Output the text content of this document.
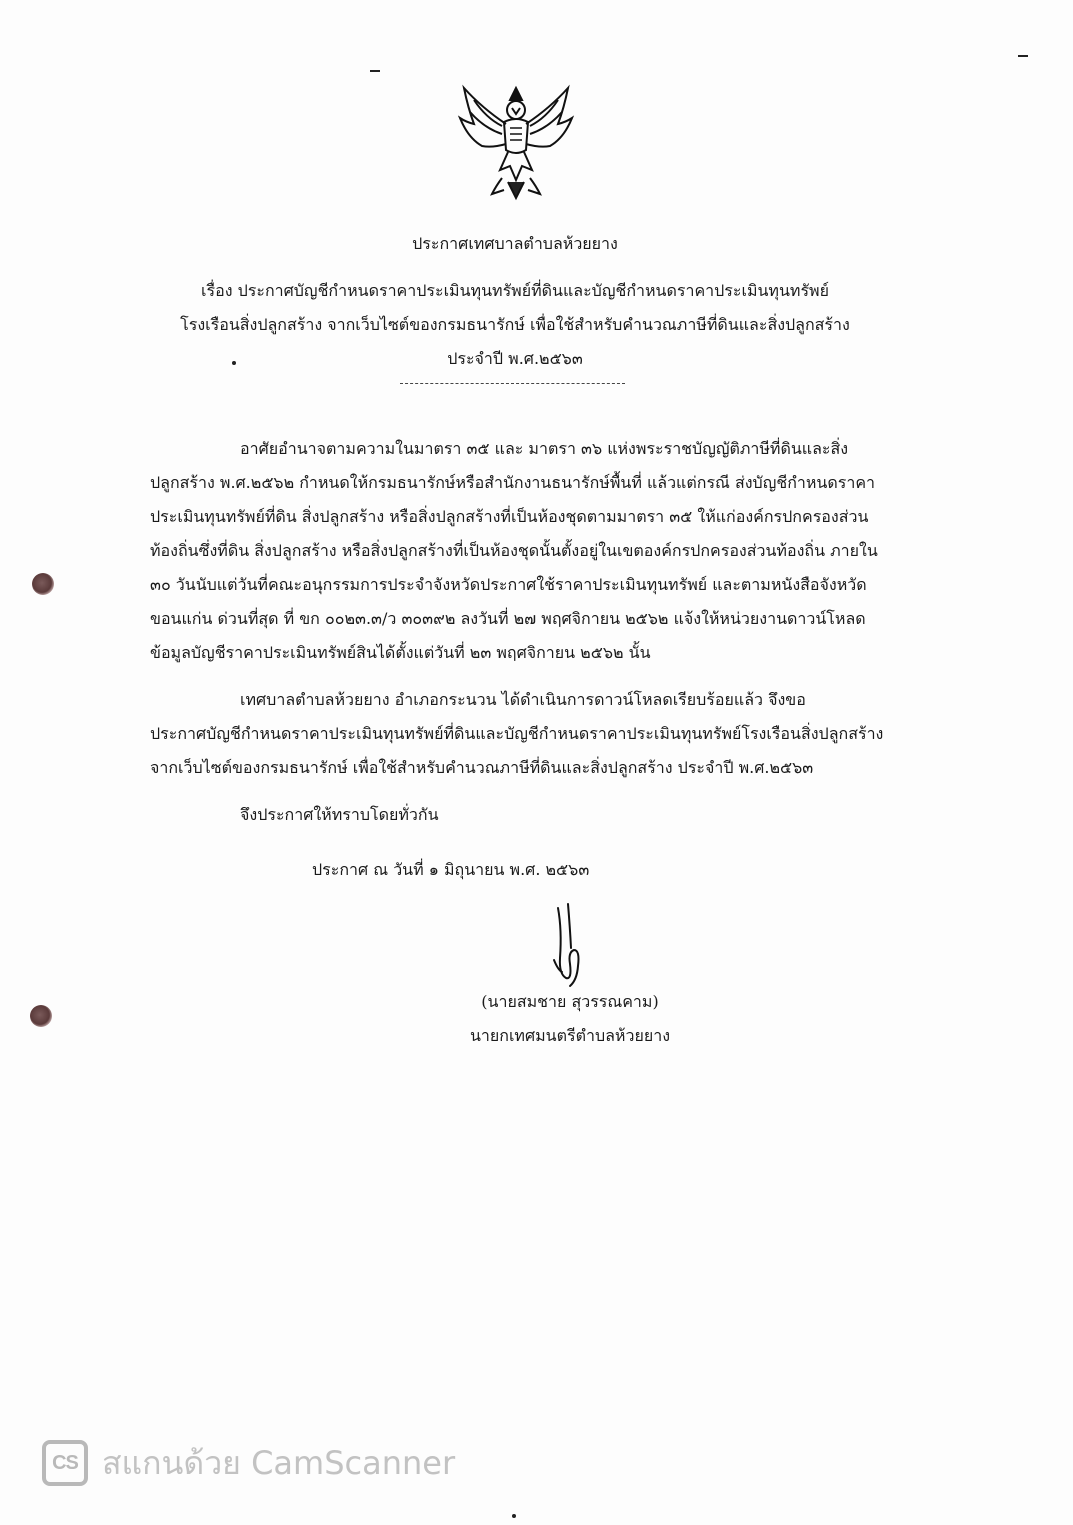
ประกาศเทศบาลตำบลห้วยยาง
เรื่อง ประกาศบัญชีกำหนดราคาประเมินทุนทรัพย์ที่ดินและบัญชีกำหนดราคาประเมินทุนทรัพย์
โรงเรือนสิ่งปลูกสร้าง จากเว็บไซต์ของกรมธนารักษ์ เพื่อใช้สำหรับคำนวณภาษีที่ดินและสิ่งปลูกสร้าง
ประจำปี พ.ศ.๒๕๖๓
อาศัยอำนาจตามความในมาตรา ๓๕ และ มาตรา ๓๖ แห่งพระราชบัญญัติภาษีที่ดินและสิ่ง
ปลูกสร้าง พ.ศ.๒๕๖๒ กำหนดให้กรมธนารักษ์หรือสำนักงานธนารักษ์พื้นที่ แล้วแต่กรณี ส่งบัญชีกำหนดราคา
ประเมินทุนทรัพย์ที่ดิน สิ่งปลูกสร้าง หรือสิ่งปลูกสร้างที่เป็นห้องชุดตามมาตรา ๓๕ ให้แก่องค์กรปกครองส่วน
ท้องถิ่นซึ่งที่ดิน สิ่งปลูกสร้าง หรือสิ่งปลูกสร้างที่เป็นห้องชุดนั้นตั้งอยู่ในเขตองค์กรปกครองส่วนท้องถิ่น ภายใน
๓๐ วันนับแต่วันที่คณะอนุกรรมการประจำจังหวัดประกาศใช้ราคาประเมินทุนทรัพย์ และตามหนังสือจังหวัด
ขอนแก่น ด่วนที่สุด ที่ ขก ๐๐๒๓.๓/ว ๓๐๓๙๒ ลงวันที่ ๒๗ พฤศจิกายน ๒๕๖๒ แจ้งให้หน่วยงานดาวน์โหลด
ข้อมูลบัญชีราคาประเมินทรัพย์สินได้ตั้งแต่วันที่ ๒๓ พฤศจิกายน ๒๕๖๒ นั้น
เทศบาลตำบลห้วยยาง อำเภอกระนวน ได้ดำเนินการดาวน์โหลดเรียบร้อยแล้ว จึงขอ
ประกาศบัญชีกำหนดราคาประเมินทุนทรัพย์ที่ดินและบัญชีกำหนดราคาประเมินทุนทรัพย์โรงเรือนสิ่งปลูกสร้าง
จากเว็บไซต์ของกรมธนารักษ์ เพื่อใช้สำหรับคำนวณภาษีที่ดินและสิ่งปลูกสร้าง ประจำปี พ.ศ.๒๕๖๓
จึงประกาศให้ทราบโดยทั่วกัน
ประกาศ ณ วันที่ ๑ มิถุนายน พ.ศ. ๒๕๖๓
(นายสมชาย สุวรรณคาม)
นายกเทศมนตรีตำบลห้วยยาง
CS สแกนด้วย CamScanner
